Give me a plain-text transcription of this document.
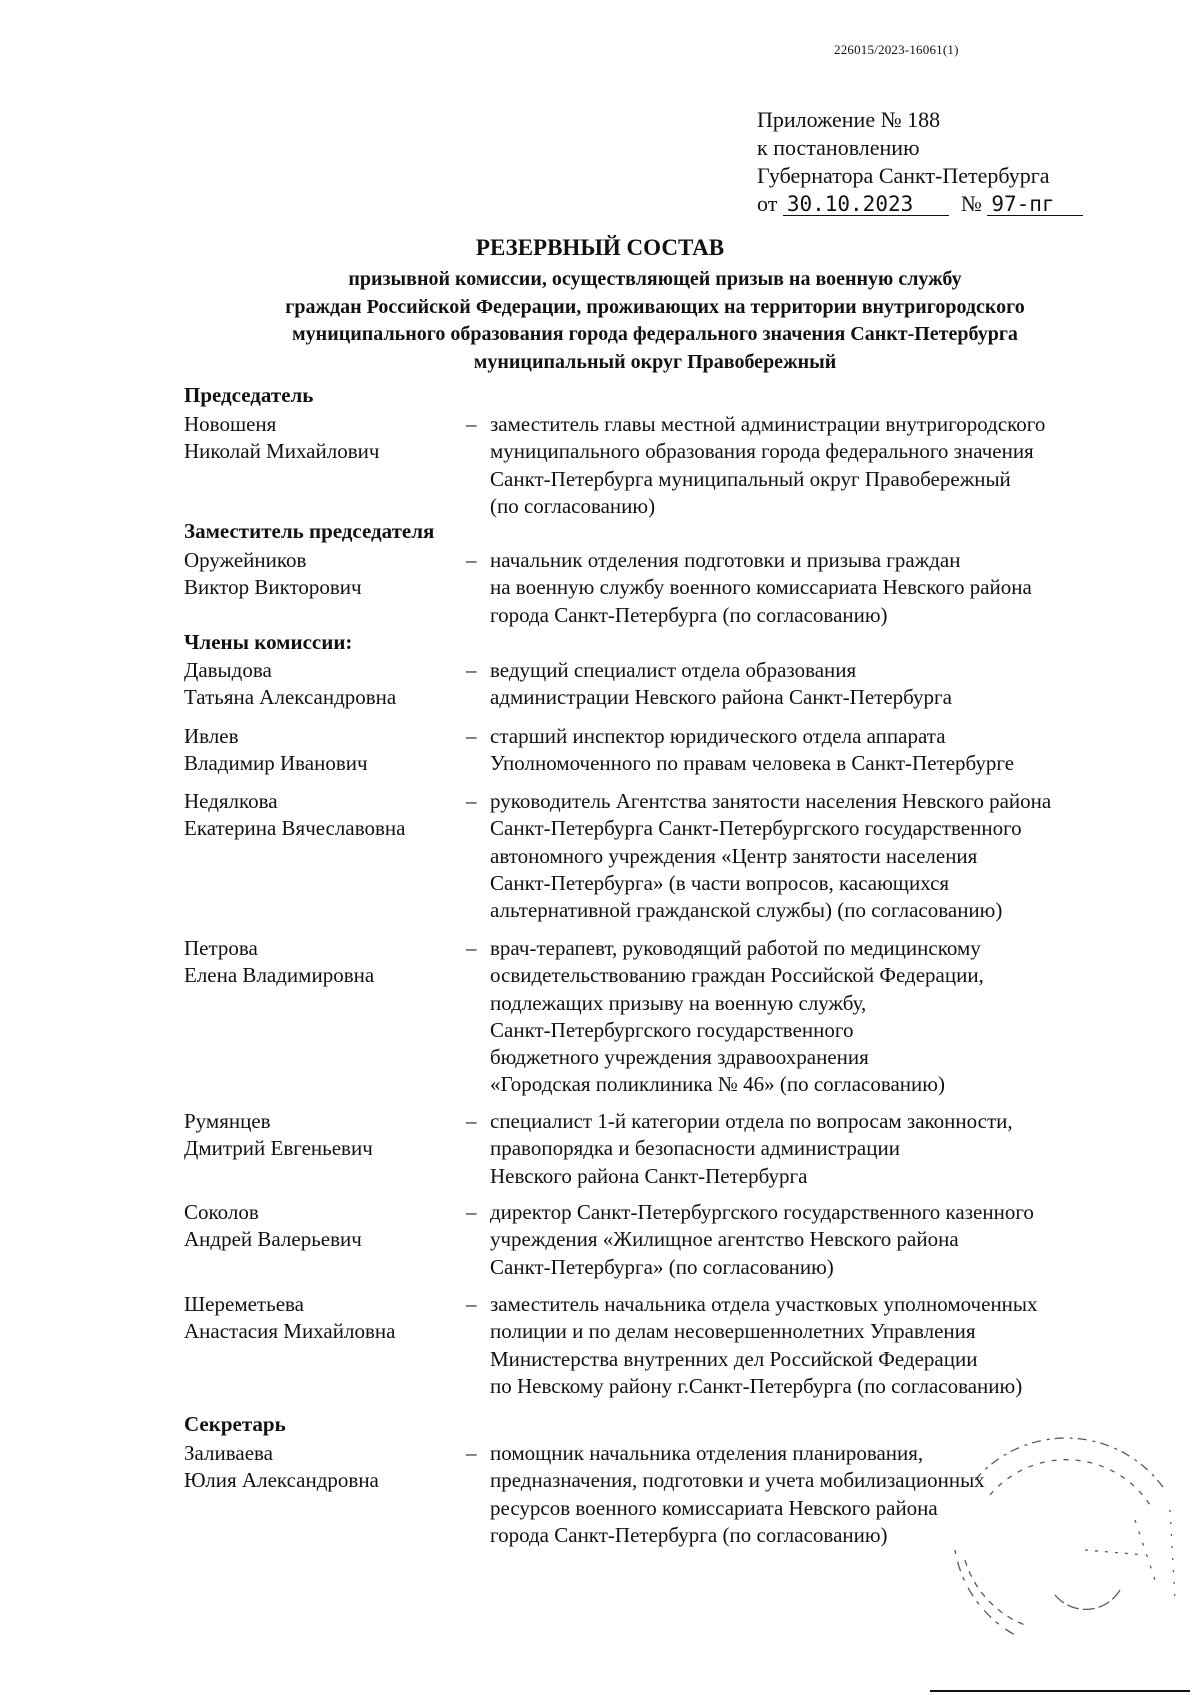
226015/2023-16061(1)
Приложение № 188
к постановлению
Губернатора Санкт-Петербурга
от 30.10.2023 № 97-пг
РЕЗЕРВНЫЙ СОСТАВ
призывной комиссии, осуществляющей призыв на военную службу
граждан Российской Федерации, проживающих на территории внутригородского
муниципального образования города федерального значения Санкт-Петербурга
муниципальный округ Правобережный
Председатель
Новошеня
Николай Михайлович
– заместитель главы местной администрации внутригородского
муниципального образования города федерального значения
Санкт-Петербурга муниципальный округ Правобережный
(по согласованию)
Заместитель председателя
Оружейников
Виктор Викторович
– начальник отделения подготовки и призыва граждан
на военную службу военного комиссариата Невского района
города Санкт-Петербурга (по согласованию)
Члены комиссии:
Давыдова
Татьяна Александровна
– ведущий специалист отдела образования
администрации Невского района Санкт-Петербурга
Ивлев
Владимир Иванович
– старший инспектор юридического отдела аппарата
Уполномоченного по правам человека в Санкт-Петербурге
Недялкова
Екатерина Вячеславовна
– руководитель Агентства занятости населения Невского района
Санкт-Петербурга Санкт-Петербургского государственного
автономного учреждения «Центр занятости населения
Санкт-Петербурга» (в части вопросов, касающихся
альтернативной гражданской службы) (по согласованию)
Петрова
Елена Владимировна
– врач-терапевт, руководящий работой по медицинскому
освидетельствованию граждан Российской Федерации,
подлежащих призыву на военную службу,
Санкт-Петербургского государственного
бюджетного учреждения здравоохранения
«Городская поликлиника № 46» (по согласованию)
Румянцев
Дмитрий Евгеньевич
– специалист 1-й категории отдела по вопросам законности,
правопорядка и безопасности администрации
Невского района Санкт-Петербурга
Соколов
Андрей Валерьевич
– директор Санкт-Петербургского государственного казенного
учреждения «Жилищное агентство Невского района
Санкт-Петербурга» (по согласованию)
Шереметьева
Анастасия Михайловна
– заместитель начальника отдела участковых уполномоченных
полиции и по делам несовершеннолетних Управления
Министерства внутренних дел Российской Федерации
по Невскому району г.Санкт-Петербурга (по согласованию)
Секретарь
Заливаева
Юлия Александровна
– помощник начальника отделения планирования,
предназначения, подготовки и учета мобилизационных
ресурсов военного комиссариата Невского района
города Санкт-Петербурга (по согласованию)
